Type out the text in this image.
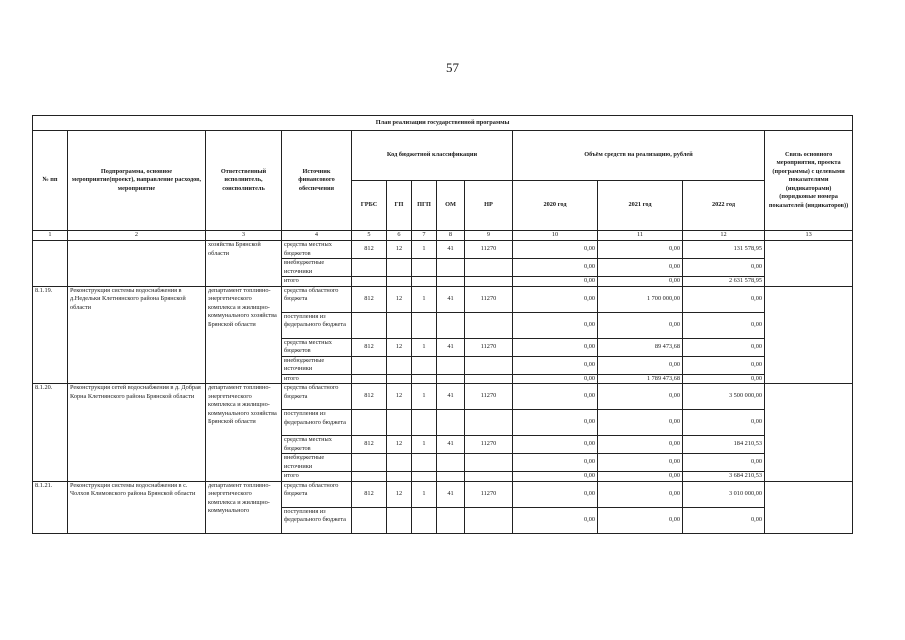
57
План реализации государственной программы												
№ пп	Подпрограмма, основное мероприятие(проект), направление расходов, мероприятие	Ответственный исполнитель, соисполнитель	Источник финансового обеспечения	Код бюджетной классификации					Объём средств на реализацию, рублей			Связь основного мероприятия, проекта (программы) с целевыми показателями (индикаторами) (порядковые номера показателей (индикаторов))
				ГРБС	ГП	ПГП	ОМ	НР	2020 год	2021 год	2022 год	
1	2	3	4	5	6	7	8	9	10	11	12	13
		хозяйства Брянской области	средства местных бюджетов	812	12	1	41	11270	0,00	0,00	131 578,95	
			внебюджетные источники						0,00	0,00	0,00	
			итого						0,00	0,00	2 631 578,95	
8.1.19.	Реконструкция системы водоснабжения в д.Недельки Клетнянского района Брянской области	департамент топливно-энергетического комплекса и жилищно-коммунального хозяйства Брянской области	средства областного бюджета	812	12	1	41	11270	0,00	1 700 000,00	0,00	
			поступления из федерального бюджета						0,00	0,00	0,00	
			средства местных бюджетов	812	12	1	41	11270	0,00	89 473,68	0,00	
			внебюджетные источники						0,00	0,00	0,00	
			итого						0,00	1 789 473,68	0,00	
8.1.20.	Реконструкция сетей водоснабжения в д. Добрая Корна Клетнянского района Брянской области	департамент топливно-энергетического комплекса и жилищно-коммунального хозяйства Брянской области	средства областного бюджета	812	12	1	41	11270	0,00	0,00	3 500 000,00	
			поступления из федерального бюджета						0,00	0,00	0,00	
			средства местных бюджетов	812	12	1	41	11270	0,00	0,00	184 210,53	
			внебюджетные источники						0,00	0,00	0,00	
			итого						0,00	0,00	3 684 210,53	
8.1.21.	Реконструкция системы водоснабжения в с. Чолхов Климовского района Брянской области	департамент топливно-энергетического комплекса и жилищно-коммунального	средства областного бюджета	812	12	1	41	11270	0,00	0,00	3 010 000,00	
			поступления из федерального бюджета						0,00	0,00	0,00	
